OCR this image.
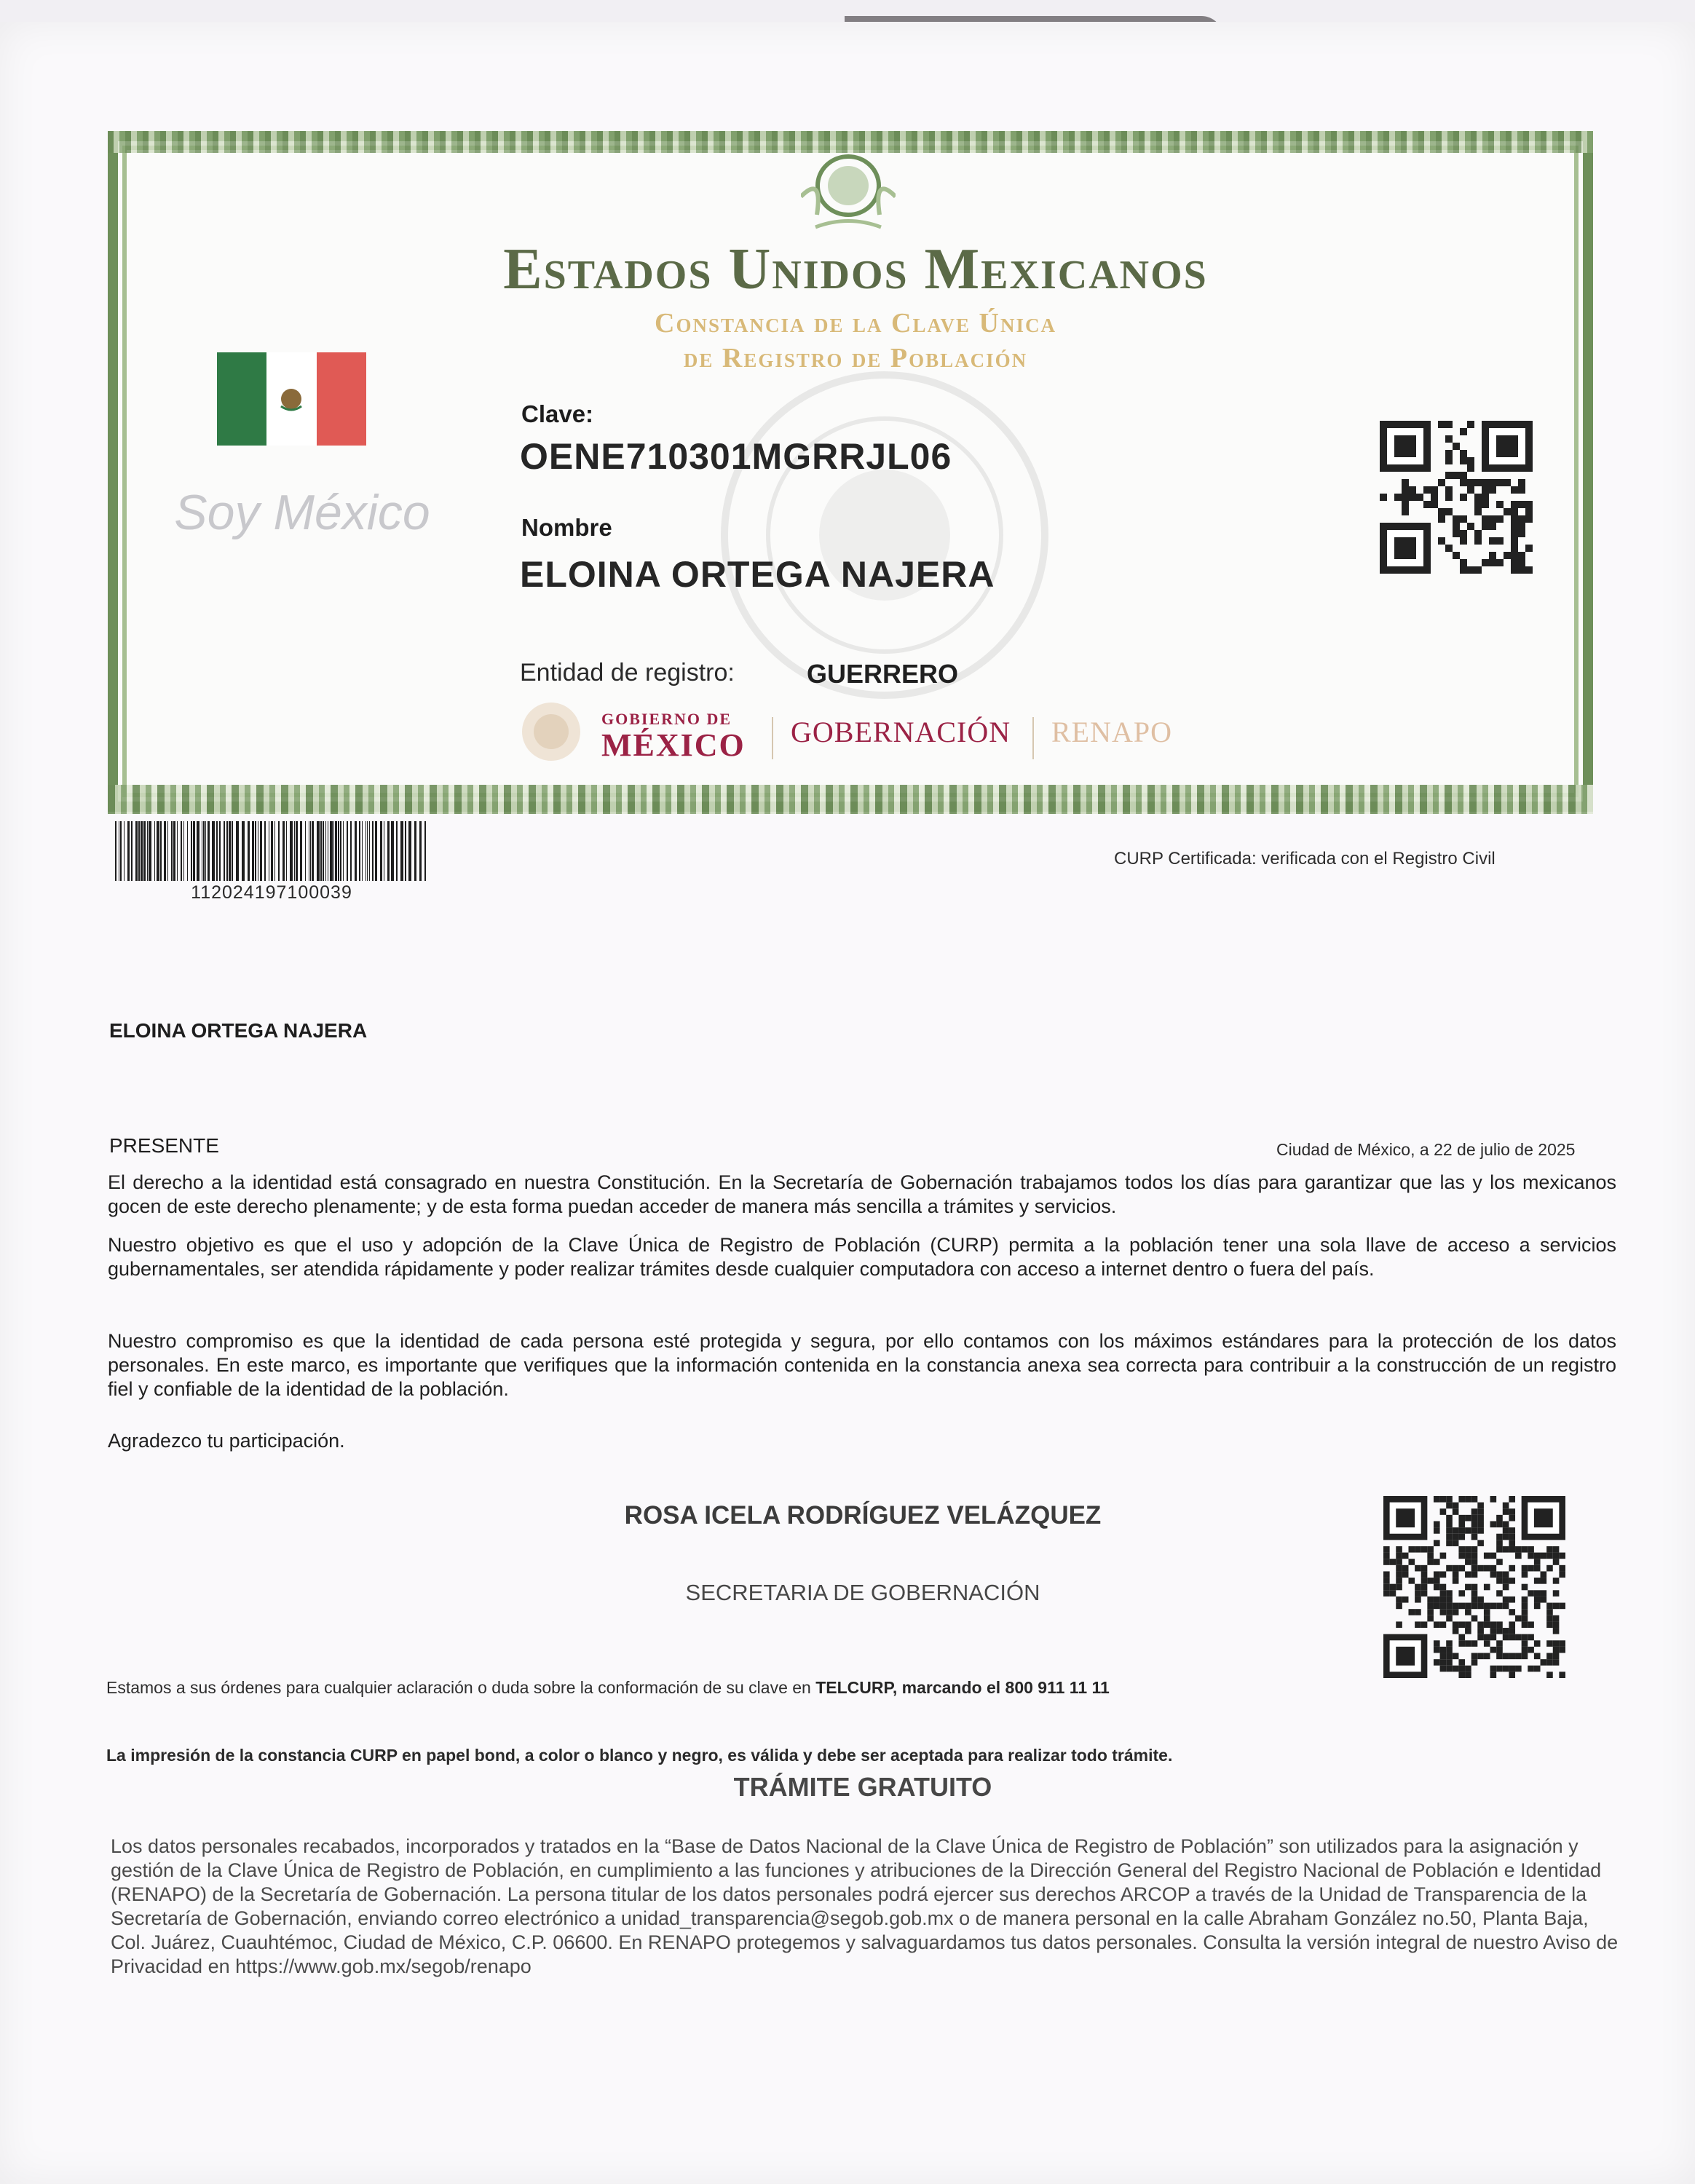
Estados Unidos Mexicanos
Constancia de la Clave Única
de Registro de Población
Soy México
Clave:
OENE710301MGRRJL06
Nombre
ELOINA ORTEGA NAJERA
Entidad de registro:	GUERRERO
GOBIERNO DE
MÉXICO GOBERNACIÓN RENAPO
112024197100039
CURP Certificada: verificada con el Registro Civil
ELOINA ORTEGA NAJERA
PRESENTE	Ciudad de México, a 22 de julio de 2025

El derecho a la identidad está consagrado en nuestra Constitución. En la Secretaría de Gobernación trabajamos todos los días para garantizar que las y los mexicanos gocen de este derecho plenamente; y de esta forma puedan acceder de manera más sencilla a trámites y servicios.

Nuestro objetivo es que el uso y adopción de la Clave Única de Registro de Población (CURP) permita a la población tener una sola llave de acceso a servicios gubernamentales, ser atendida rápidamente y poder realizar trámites desde cualquier computadora con acceso a internet dentro o fuera del país.

Nuestro compromiso es que la identidad de cada persona esté protegida y segura, por ello contamos con los máximos estándares para la protección de los datos personales. En este marco, es importante que verifiques que la información contenida en la constancia anexa sea correcta para contribuir a la construcción de un registro fiel y confiable de la identidad de la población.

Agradezco tu participación.

ROSA ICELA RODRÍGUEZ VELÁZQUEZ
SECRETARIA DE GOBERNACIÓN
Estamos a sus órdenes para cualquier aclaración o duda sobre la conformación de su clave en TELCURP, marcando el 800 911 11 11
La impresión de la constancia CURP en papel bond, a color o blanco y negro, es válida y debe ser aceptada para realizar todo trámite.
TRÁMITE GRATUITO

Los datos personales recabados, incorporados y tratados en la “Base de Datos Nacional de la Clave Única de Registro de Población” son utilizados para la asignación y gestión de la Clave Única de Registro de Población, en cumplimiento a las funciones y atribuciones de la Dirección General del Registro Nacional de Población e Identidad (RENAPO) de la Secretaría de Gobernación. La persona titular de los datos personales podrá ejercer sus derechos ARCOP a través de la Unidad de Transparencia de la Secretaría de Gobernación, enviando correo electrónico a unidad_transparencia@segob.gob.mx o de manera personal en la calle Abraham González no.50, Planta Baja, Col. Juárez, Cuauhtémoc, Ciudad de México, C.P. 06600. En RENAPO protegemos y salvaguardamos tus datos personales. Consulta la versión integral de nuestro Aviso de Privacidad en https://www.gob.mx/segob/renapo
